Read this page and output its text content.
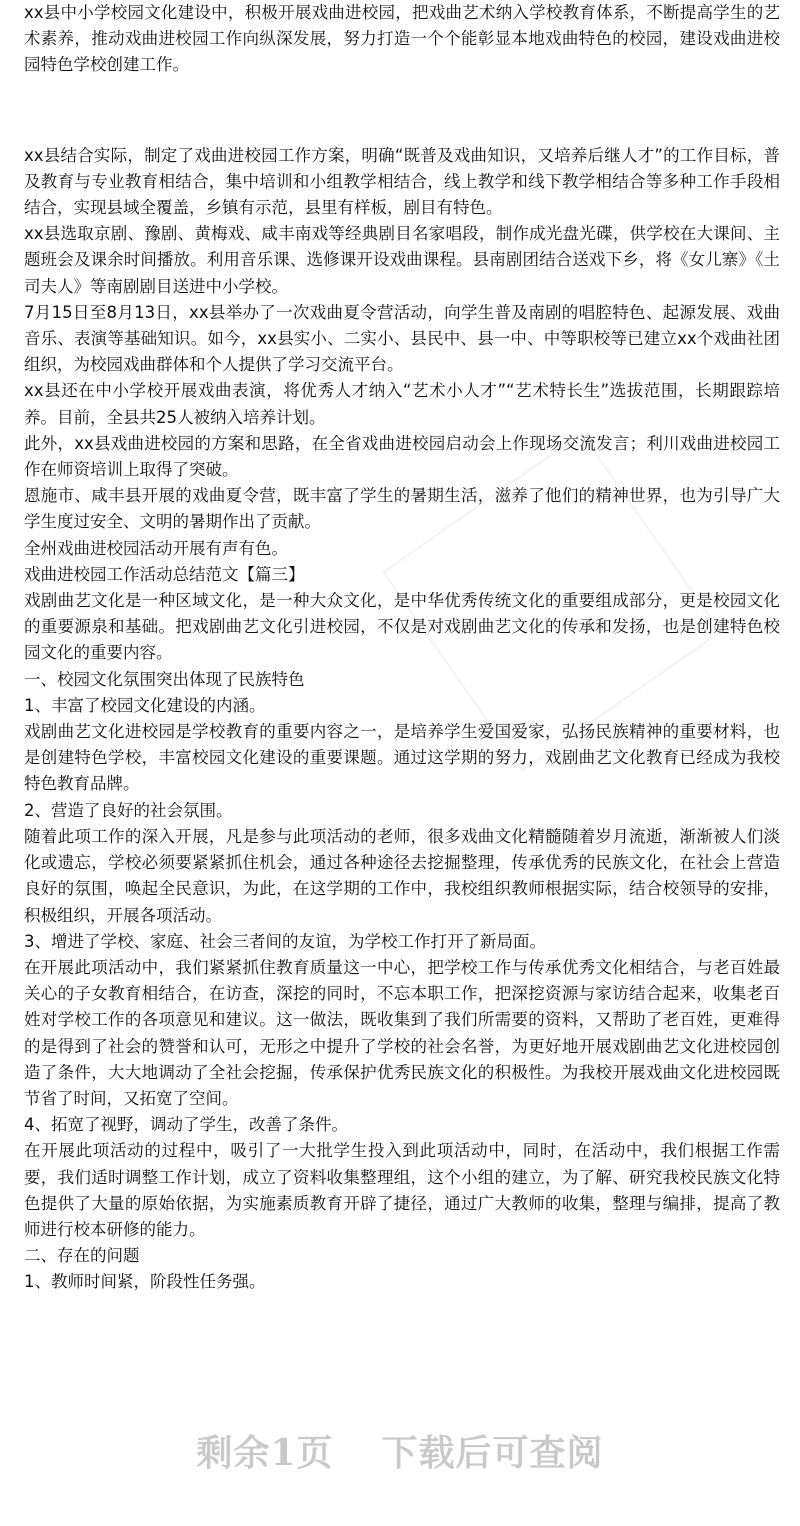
xx县中小学校园文化建设中，积极开展戏曲进校园，把戏曲艺术纳入学校教育体系，不断提高学生的艺术素养，推动戏曲进校园工作向纵深发展，努力打造一个个能彰显本地戏曲特色的校园，建设戏曲进校园特色学校创建工作。

xx县结合实际，制定了戏曲进校园工作方案，明确“既普及戏曲知识，又培养后继人才”的工作目标，普及教育与专业教育相结合，集中培训和小组教学相结合，线上教学和线下教学相结合等多种工作手段相结合，实现县域全覆盖，乡镇有示范，县里有样板，剧目有特色。

xx县选取京剧、豫剧、黄梅戏、咸丰南戏等经典剧目名家唱段，制作成光盘光碟，供学校在大课间、主题班会及课余时间播放。利用音乐课、选修课开设戏曲课程。县南剧团结合送戏下乡，将《女儿寨》《土司夫人》等南剧剧目送进中小学校。

7月15日至8月13日，xx县举办了一次戏曲夏令营活动，向学生普及南剧的唱腔特色、起源发展、戏曲音乐、表演等基础知识。如今，xx县实小、二实小、县民中、县一中、中等职校等已建立xx个戏曲社团组织，为校园戏曲群体和个人提供了学习交流平台。

xx县还在中小学校开展戏曲表演，将优秀人才纳入“艺术小人才”“艺术特长生”选拔范围，长期跟踪培养。目前，全县共25人被纳入培养计划。

此外，xx县戏曲进校园的方案和思路，在全省戏曲进校园启动会上作现场交流发言；利川戏曲进校园工作在师资培训上取得了突破。

恩施市、咸丰县开展的戏曲夏令营，既丰富了学生的暑期生活，滋养了他们的精神世界，也为引导广大学生度过安全、文明的暑期作出了贡献。

全州戏曲进校园活动开展有声有色。

戏曲进校园工作活动总结范文【篇三】

戏剧曲艺文化是一种区域文化，是一种大众文化，是中华优秀传统文化的重要组成部分，更是校园文化的重要源泉和基础。把戏剧曲艺文化引进校园，不仅是对戏剧曲艺文化的传承和发扬，也是创建特色校园文化的重要内容。

一、校园文化氛围突出体现了民族特色

1、丰富了校园文化建设的内涵。

戏剧曲艺文化进校园是学校教育的重要内容之一，是培养学生爱国爱家，弘扬民族精神的重要材料，也是创建特色学校，丰富校园文化建设的重要课题。通过这学期的努力，戏剧曲艺文化教育已经成为我校特色教育品牌。

2、营造了良好的社会氛围。

随着此项工作的深入开展，凡是参与此项活动的老师，很多戏曲文化精髓随着岁月流逝，渐渐被人们淡化或遗忘，学校必须要紧紧抓住机会，通过各种途径去挖掘整理，传承优秀的民族文化，在社会上营造良好的氛围，唤起全民意识，为此，在这学期的工作中，我校组织教师根据实际，结合校领导的安排，积极组织，开展各项活动。

3、增进了学校、家庭、社会三者间的友谊，为学校工作打开了新局面。

在开展此项活动中，我们紧紧抓住教育质量这一中心，把学校工作与传承优秀文化相结合，与老百姓最关心的子女教育相结合，在访查，深挖的同时，不忘本职工作，把深挖资源与家访结合起来，收集老百姓对学校工作的各项意见和建议。这一做法，既收集到了我们所需要的资料，又帮助了老百姓，更难得的是得到了社会的赞誉和认可，无形之中提升了学校的社会名誉，为更好地开展戏剧曲艺文化进校园创造了条件，大大地调动了全社会挖掘，传承保护优秀民族文化的积极性。为我校开展戏曲文化进校园既节省了时间，又拓宽了空间。

4、拓宽了视野，调动了学生，改善了条件。

在开展此项活动的过程中，吸引了一大批学生投入到此项活动中，同时，在活动中，我们根据工作需要，我们适时调整工作计划，成立了资料收集整理组，这个小组的建立，为了解、研究我校民族文化特色提供了大量的原始依据，为实施素质教育开辟了捷径，通过广大教师的收集，整理与编排，提高了教师进行校本研修的能力。

二、存在的问题

1、教师时间紧，阶段性任务强。

剩余1页 下载后可查阅
